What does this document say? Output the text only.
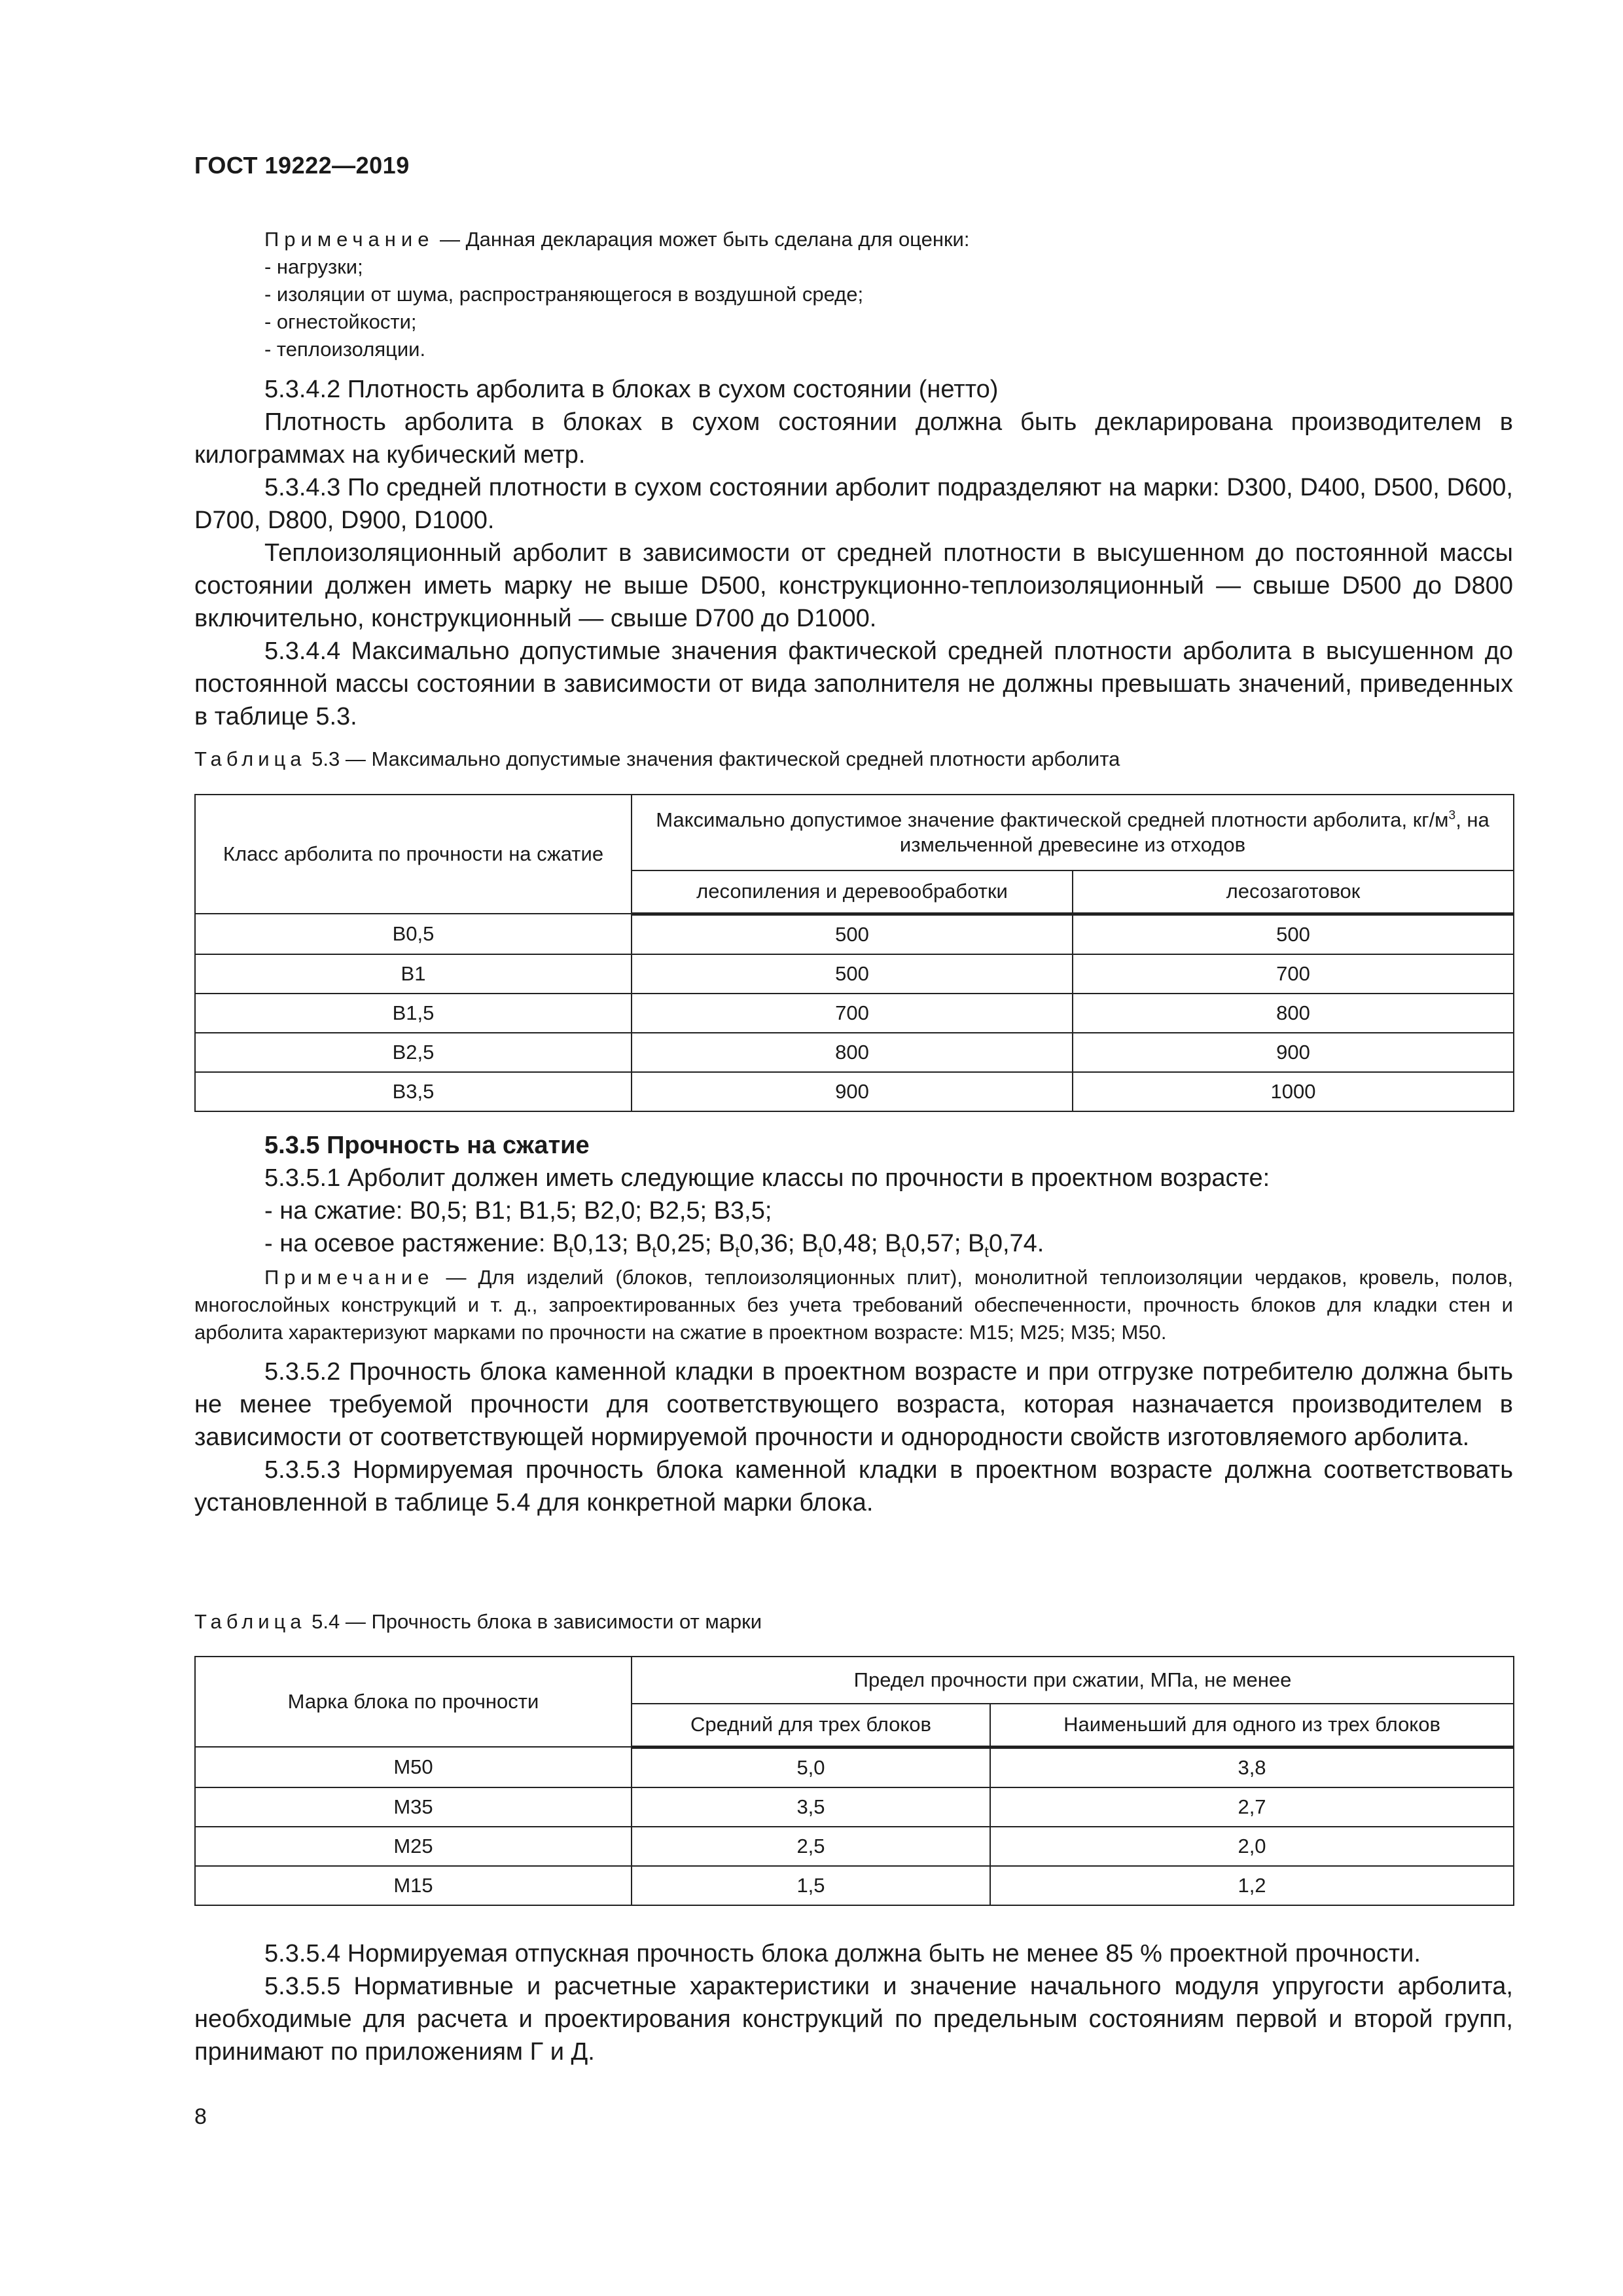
ГОСТ 19222—2019
Примечание — Данная декларация может быть сделана для оценки:
- нагрузки;
- изоляции от шума, распространяющегося в воздушной среде;
- огнестойкости;
- теплоизоляции.

5.3.4.2 Плотность арболита в блоках в сухом состоянии (нетто)

Плотность арболита в блоках в сухом состоянии должна быть декларирована производителем в килограммах на кубический метр.

5.3.4.3 По средней плотности в сухом состоянии арболит подразделяют на марки: D300, D400, D500, D600, D700, D800, D900, D1000.

Теплоизоляционный арболит в зависимости от средней плотности в высушенном до постоянной массы состоянии должен иметь марку не выше D500, конструкционно-теплоизоляционный — свыше D500 до D800 включительно, конструкционный — свыше D700 до D1000.

5.3.4.4 Максимально допустимые значения фактической средней плотности арболита в высушенном до постоянной массы состоянии в зависимости от вида заполнителя не должны превышать значений, приведенных в таблице 5.3.

Таблица 5.3 — Максимально допустимые значения фактической средней плотности арболита
Класс арболита по прочности на сжатие	Максимально допустимое значение фактической средней плотности арболита, $кг/м^3$, на измельченной древесине из отходов	
	лесопиления и деревообработки	лесозаготовок
B0,5	500	500
B1	500	700
B1,5	700	800
B2,5	800	900
B3,5	900	1000

5.3.5 Прочность на сжатие

5.3.5.1 Арболит должен иметь следующие классы по прочности в проектном возрасте:

- на сжатие: B0,5; B1; B1,5; B2,0; B2,5; B3,5;

- на осевое растяжение: $B_t0,13$; $B_t0,25$; $B_t0,36$; $B_t0,48$; $B_t0,57$; $B_t0,74$.

Примечание — Для изделий (блоков, теплоизоляционных плит), монолитной теплоизоляции чердаков, кровель, полов, многослойных конструкций и т. д., запроектированных без учета требований обеспеченности, прочность блоков для кладки стен и арболита характеризуют марками по прочности на сжатие в проектном возрасте: М15; М25; М35; М50.

5.3.5.2 Прочность блока каменной кладки в проектном возрасте и при отгрузке потребителю должна быть не менее требуемой прочности для соответствующего возраста, которая назначается производителем в зависимости от соответствующей нормируемой прочности и однородности свойств изготовляемого арболита.

5.3.5.3 Нормируемая прочность блока каменной кладки в проектном возрасте должна соответствовать установленной в таблице 5.4 для конкретной марки блока.

Таблица 5.4 — Прочность блока в зависимости от марки
Марка блока по прочности	Предел прочности при сжатии, МПа, не менее	
	Средний для трех блоков	Наименьший для одного из трех блоков
M50	5,0	3,8
M35	3,5	2,7
M25	2,5	2,0
M15	1,5	1,2

5.3.5.4 Нормируемая отпускная прочность блока должна быть не менее 85 % проектной прочности.

5.3.5.5 Нормативные и расчетные характеристики и значение начального модуля упругости арболита, необходимые для расчета и проектирования конструкций по предельным состояниям первой и второй групп, принимают по приложениям Г и Д.

8
